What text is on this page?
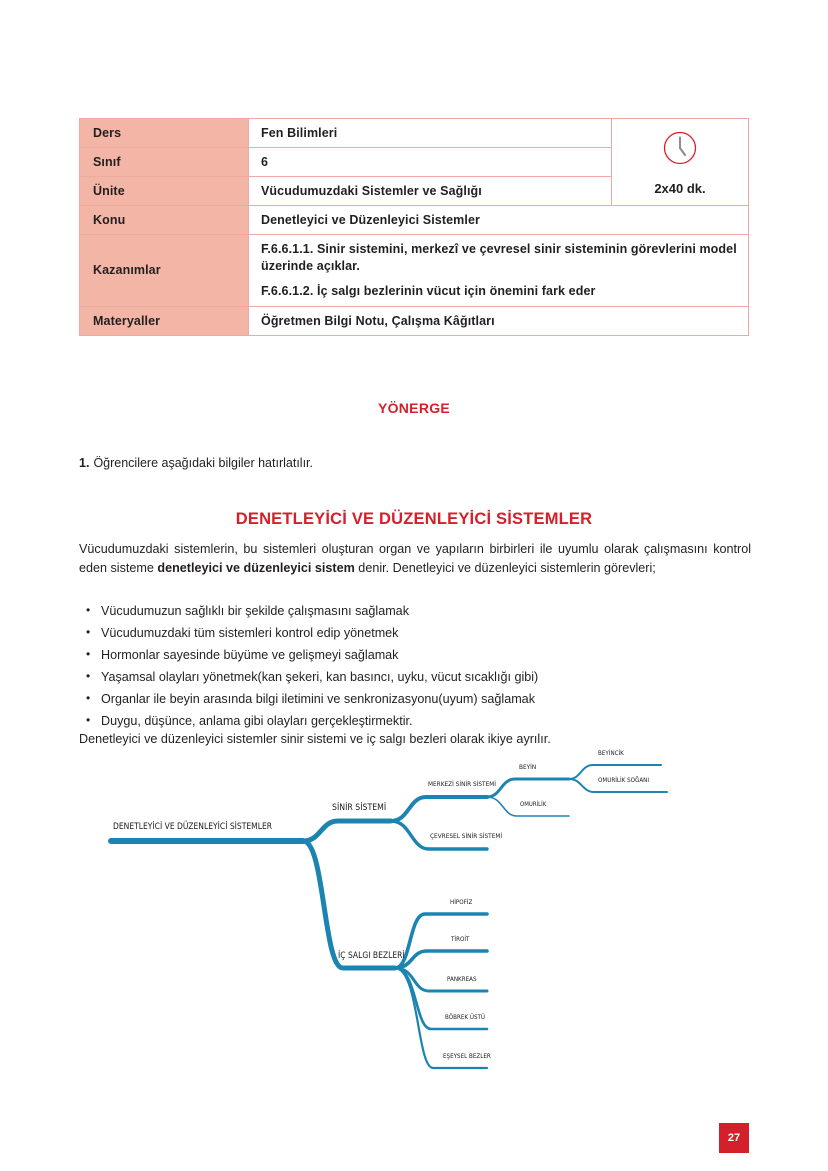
Ders	Fen Bilimleri	2x40 dk.

Sınıf	6	
Ünite	Vücudumuzdaki Sistemler ve Sağlığı	
Konu	Denetleyici ve Düzenleyici Sistemler	
Kazanımlar	F.6.6.1.1. Sinir sistemini, merkezî ve çevresel sinir sisteminin görevlerini model üzerinde açıklar.

F.6.6.1.2. İç salgı bezlerinin vücut için önemini fark eder	

Materyaller	Öğretmen Bilgi Notu, Çalışma Kâğıtları	
YÖNERGE
1. Öğrencilere aşağıdaki bilgiler hatırlatılır.
DENETLEYİCİ VE DÜZENLEYİCİ SİSTEMLER
Vücudumuzdaki sistemlerin, bu sistemleri oluşturan organ ve yapıların birbirleri ile uyumlu olarak çalışmasını kontrol eden sisteme denetleyici ve düzenleyici sistem denir. Denetleyici ve düzenleyici sistemlerin görevleri;
• Vücudumuzun sağlıklı bir şekilde çalışmasını sağlamak
• Vücudumuzdaki tüm sistemleri kontrol edip yönetmek
• Hormonlar sayesinde büyüme ve gelişmeyi sağlamak
• Yaşamsal olayları yönetmek(kan şekeri, kan basıncı, uyku, vücut sıcaklığı gibi)
• Organlar ile beyin arasında bilgi iletimini ve senkronizasyonu(uyum) sağlamak
• Duygu, düşünce, anlama gibi olayları gerçekleştirmektir.
Denetleyici ve düzenleyici sistemler sinir sistemi ve iç salgı bezleri olarak ikiye ayrılır.
DENETLEYİCİ VE DÜZENLEYİCİ SİSTEMLER
SİNİR SİSTEMİ
MERKEZİ SİNİR SİSTEMİ
ÇEVRESEL SİNİR SİSTEMİ
BEYİN
OMURİLİK
BEYİNCİK
OMURİLİK SOĞANI
İÇ SALGI BEZLERİ
HİPOFİZ
TİROİT
PANKREAS
BÖBREK ÜSTÜ
EŞEYSEL BEZLER
27
